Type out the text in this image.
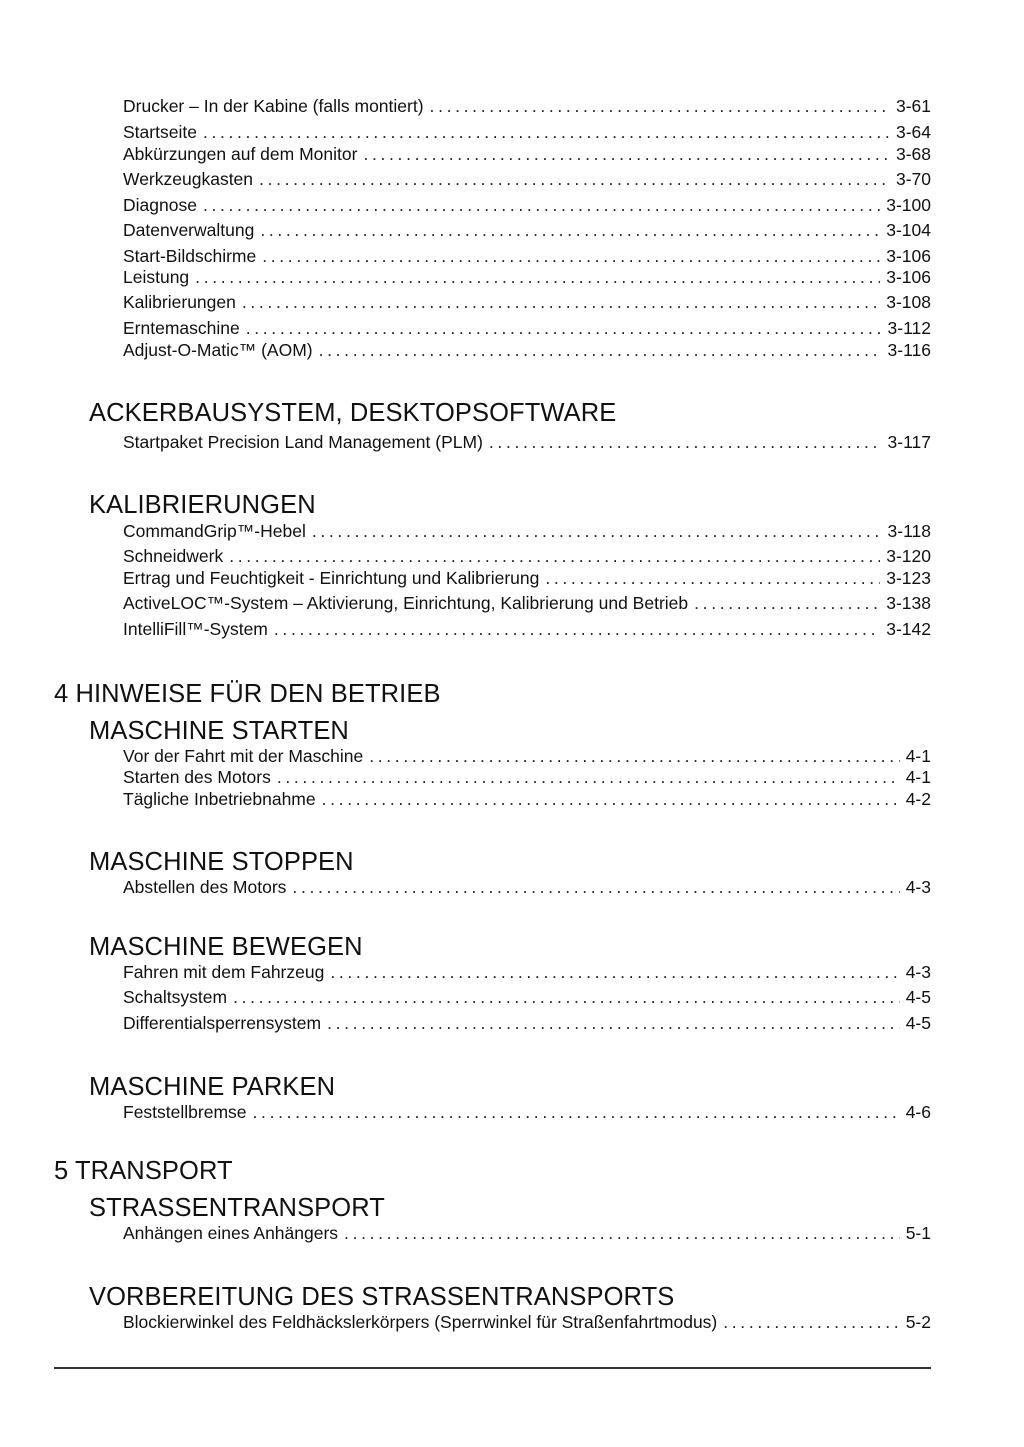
Drucker – In der Kabine (falls montiert) . . .	3-61
Startseite . . .	3-64
Abkürzungen auf dem Monitor . . .	3-68
Werkzeugkasten . . .	3-70
Diagnose . . .	3-100
Datenverwaltung . . .	3-104
Start-Bildschirme . . .	3-106
Leistung . . .	3-106
Kalibrierungen . . .	3-108
Erntemaschine . . .	3-112
Adjust-O-Matic™ (AOM) . . .	3-116
ACKERBAUSYSTEM, DESKTOPSOFTWARE
Startpaket Precision Land Management (PLM) . . .	3-117
KALIBRIERUNGEN
CommandGrip™-Hebel . . .	3-118
Schneidwerk . . .	3-120
Ertrag und Feuchtigkeit - Einrichtung und Kalibrierung . . .	3-123
ActiveLOC™-System – Aktivierung, Einrichtung, Kalibrierung und Betrieb . . .	3-138
IntelliFill™-System . . .	3-142
4 HINWEISE FÜR DEN BETRIEB
MASCHINE STARTEN
Vor der Fahrt mit der Maschine . . .	4-1
Starten des Motors . . .	4-1
Tägliche Inbetriebnahme . . .	4-2
MASCHINE STOPPEN
Abstellen des Motors . . .	4-3
MASCHINE BEWEGEN
Fahren mit dem Fahrzeug . . .	4-3
Schaltsystem . . .	4-5
Differentialsperrensystem . . .	4-5
MASCHINE PARKEN
Feststellbremse . . .	4-6
5 TRANSPORT
STRASSENTRANSPORT
Anhängen eines Anhängers . . .	5-1
VORBEREITUNG DES STRASSENTRANSPORTS
Blockierwinkel des Feldhäckslerkörpers (Sperrwinkel für Straßenfahrtmodus) . . .	5-2
